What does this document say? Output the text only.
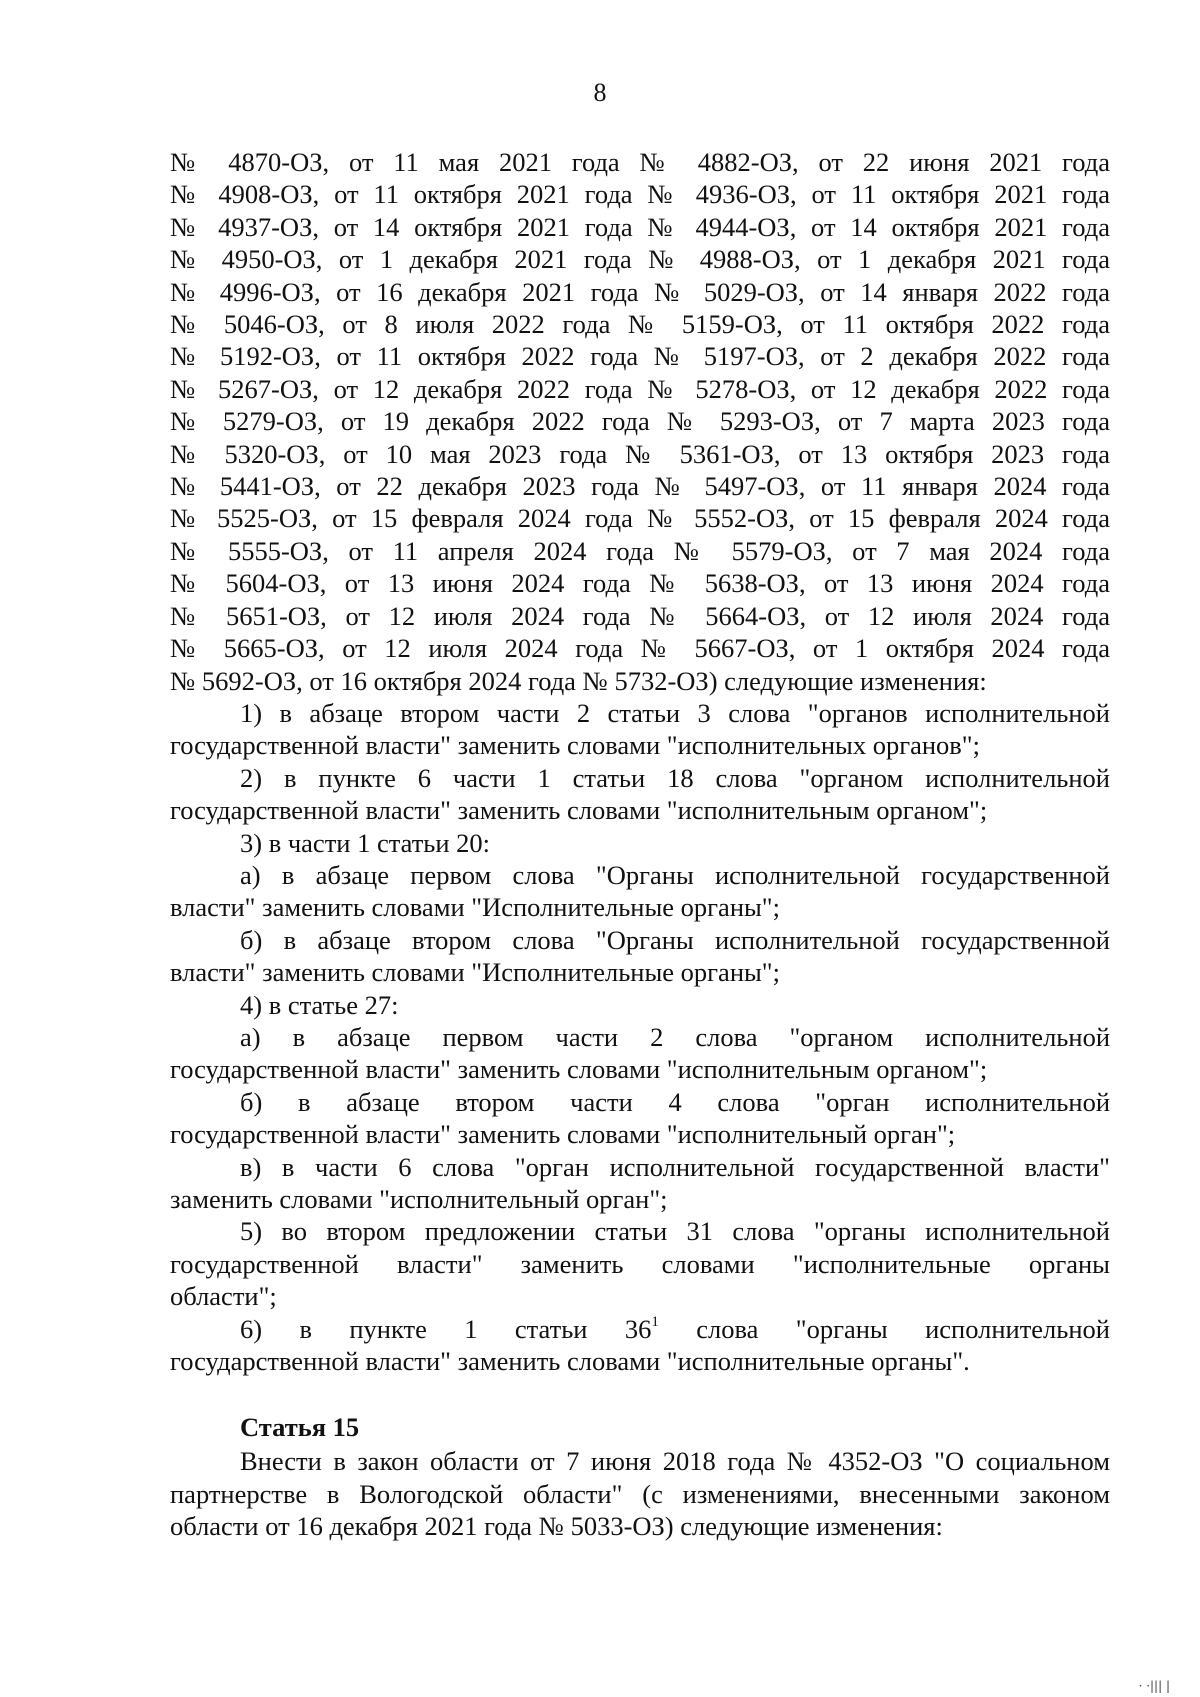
8
№ 4870-ОЗ, от 11 мая 2021 года № 4882-ОЗ, от 22 июня 2021 года
№ 4908-ОЗ, от 11 октября 2021 года № 4936-ОЗ, от 11 октября 2021 года
№ 4937-ОЗ, от 14 октября 2021 года № 4944-ОЗ, от 14 октября 2021 года
№ 4950-ОЗ, от 1 декабря 2021 года № 4988-ОЗ, от 1 декабря 2021 года
№ 4996-ОЗ, от 16 декабря 2021 года № 5029-ОЗ, от 14 января 2022 года
№ 5046-ОЗ, от 8 июля 2022 года № 5159-ОЗ, от 11 октября 2022 года
№ 5192-ОЗ, от 11 октября 2022 года № 5197-ОЗ, от 2 декабря 2022 года
№ 5267-ОЗ, от 12 декабря 2022 года № 5278-ОЗ, от 12 декабря 2022 года
№ 5279-ОЗ, от 19 декабря 2022 года № 5293-ОЗ, от 7 марта 2023 года
№ 5320-ОЗ, от 10 мая 2023 года № 5361-ОЗ, от 13 октября 2023 года
№ 5441-ОЗ, от 22 декабря 2023 года № 5497-ОЗ, от 11 января 2024 года
№ 5525-ОЗ, от 15 февраля 2024 года № 5552-ОЗ, от 15 февраля 2024 года
№ 5555-ОЗ, от 11 апреля 2024 года № 5579-ОЗ, от 7 мая 2024 года
№ 5604-ОЗ, от 13 июня 2024 года № 5638-ОЗ, от 13 июня 2024 года
№ 5651-ОЗ, от 12 июля 2024 года № 5664-ОЗ, от 12 июля 2024 года
№ 5665-ОЗ, от 12 июля 2024 года № 5667-ОЗ, от 1 октября 2024 года
№ 5692-ОЗ, от 16 октября 2024 года № 5732-ОЗ) следующие изменения:
1) в абзаце втором части 2 статьи 3 слова "органов исполнительной
государственной власти" заменить словами "исполнительных органов";
2) в пункте 6 части 1 статьи 18 слова "органом исполнительной
государственной власти" заменить словами "исполнительным органом";
3) в части 1 статьи 20:
а) в абзаце первом слова "Органы исполнительной государственной
власти" заменить словами "Исполнительные органы";
б) в абзаце втором слова "Органы исполнительной государственной
власти" заменить словами "Исполнительные органы";
4) в статье 27:
а) в абзаце первом части 2 слова "органом исполнительной
государственной власти" заменить словами "исполнительным органом";
б) в абзаце втором части 4 слова "орган исполнительной
государственной власти" заменить словами "исполнительный орган";
в) в части 6 слова "орган исполнительной государственной власти"
заменить словами "исполнительный орган";
5) во втором предложении статьи 31 слова "органы исполнительной
государственной власти" заменить словами "исполнительные органы
области";
6) в пункте 1 статьи $36^1$ слова "органы исполнительной
государственной власти" заменить словами "исполнительные органы".
Статья 15
Внести в закон области от 7 июня 2018 года № 4352-ОЗ "О социальном
партнерстве в Вологодской области" (с изменениями, внесенными законом
области от 16 декабря 2021 года № 5033-ОЗ) следующие изменения:
· ·||| |
